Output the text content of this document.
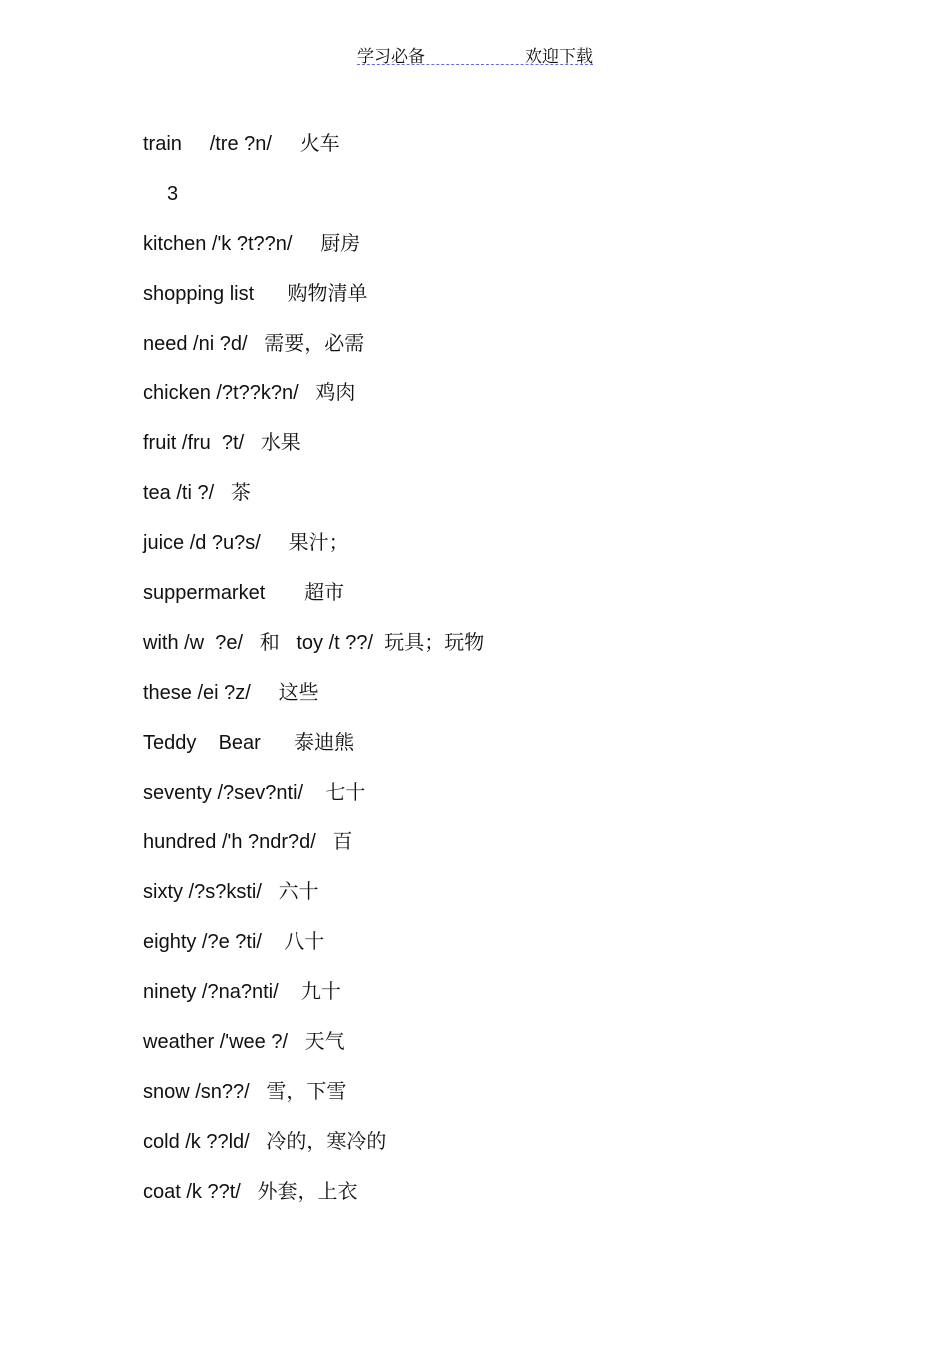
学习必备	欢迎下载
train     /tre ?n/     火车
3
kitchen /'k ?t??n/     厨房
shopping list      购物清单
need /ni ?d/   需要，必需
chicken /?t??k?n/   鸡肉
fruit /fru  ?t/   水果
tea /ti ?/   茶
juice /d ?u?s/     果汁；
suppermarket       超市
with /w  ?e/   和   toy /t ??/  玩具；玩物
these /ei ?z/     这些
Teddy    Bear      泰迪熊
seventy /?sev?nti/    七十
hundred /'h ?ndr?d/   百
sixty /?s?ksti/   六十
eighty /?e ?ti/    八十
ninety /?na?nti/    九十
weather /'wee ?/   天气
snow /sn??/   雪，下雪
cold /k ??ld/   冷的，寒冷的
coat /k ??t/   外套，上衣
